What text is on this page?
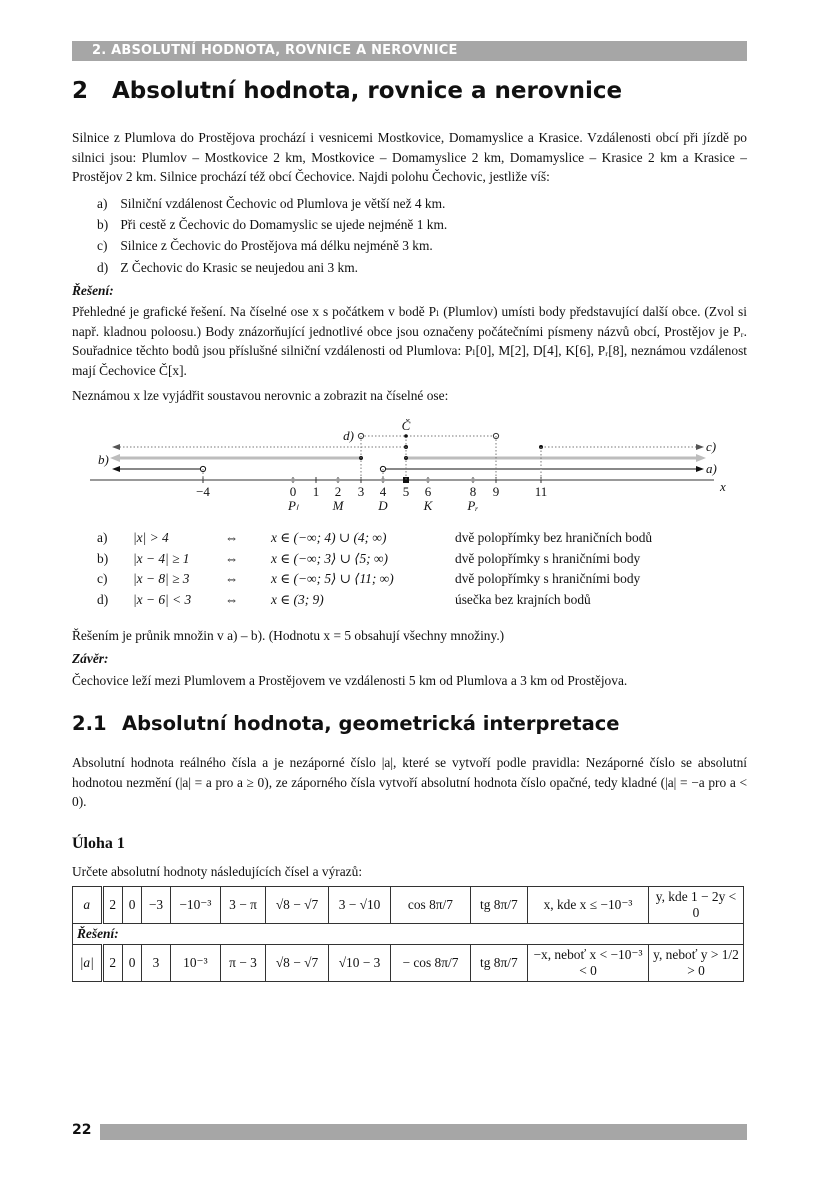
2. ABSOLUTNÍ HODNOTA, ROVNICE A NEROVNICE
2 Absolutní hodnota, rovnice a nerovnice
Silnice z Plumlova do Prostějova prochází i vesnicemi Mostkovice, Domamyslice a Krasice. Vzdálenosti obcí při jízdě po silnici jsou: Plumlov – Mostkovice 2 km, Mostkovice – Domamyslice 2 km, Domamyslice – Krasice 2 km a Krasice – Prostějov 2 km. Silnice prochází též obcí Čechovice. Najdi polohu Čechovic, jestliže víš:
a) Silniční vzdálenost Čechovic od Plumlova je větší než 4 km.
b) Při cestě z Čechovic do Domamyslic se ujede nejméně 1 km.
c) Silnice z Čechovic do Prostějova má délku nejméně 3 km.
d) Z Čechovic do Krasic se neujedou ani 3 km.
Řešení:
Přehledné je grafické řešení. Na číselné ose x s počátkem v bodě Pₗ (Plumlov) umísti body představující další obce. (Zvol si např. kladnou poloosu.) Body znázorňující jednotlivé obce jsou označeny počátečními písmeny názvů obcí, Prostějov je Pᵣ. Souřadnice těchto bodů jsou příslušné silniční vzdálenosti od Plumlova: Pₗ[0], M[2], D[4], K[6], Pᵣ[8], neznámou vzdálenost mají Čechovice Č[x].
Neznámou x lze vyjádřit soustavou nerovnic a zobrazit na číselné ose:
−4	0 1 2 3 4 5 6	8 9	11	x
Pₗ	M	D	K	Pᵣ
d)
Č
c)
b)
a)
a)	|x| > 4	⇔	x ∈ (−∞; 4) ∪ (4; ∞)	dvě polopřímky bez hraničních bodů
b)	|x − 4| ≥ 1	⇔	x ∈ (−∞; 3⟩ ∪ ⟨5; ∞)	dvě polopřímky s hraničními body
c)	|x − 8| ≥ 3	⇔	x ∈ (−∞; 5⟩ ∪ ⟨11; ∞)	dvě polopřímky s hraničními body
d)	|x − 6| < 3	⇔	x ∈ (3; 9)	úsečka bez krajních bodů
Řešením je průnik množin v a) – b). (Hodnotu x = 5 obsahují všechny množiny.)
Závěr:
Čechovice leží mezi Plumlovem a Prostějovem ve vzdálenosti 5 km od Plumlova a 3 km od Prostějova.
2.1 Absolutní hodnota, geometrická interpretace
Absolutní hodnota reálného čísla a je nezáporné číslo |a|, které se vytvoří podle pravidla: Nezáporné číslo se absolutní hodnotou nezmění (|a| = a pro a ≥ 0), ze záporného čísla vytvoří absolutní hodnota číslo opačné, tedy kladné (|a| = −a pro a < 0).
Úloha 1
Určete absolutní hodnoty následujících čísel a výrazů:
a	2	0	−3	−10⁻³	3 − π	√8 − √7	3 − √10	cos 8π/7	tg 8π/7	x, kde x ≤ −10⁻³	y, kde 1 − 2y < 0
Řešení:											
|a|	2	0	3	10⁻³	π − 3	√8 − √7	√10 − 3	− cos 8π/7	tg 8π/7	−x, neboť x < −10⁻³ < 0	y, neboť y > 1/2 > 0
22
